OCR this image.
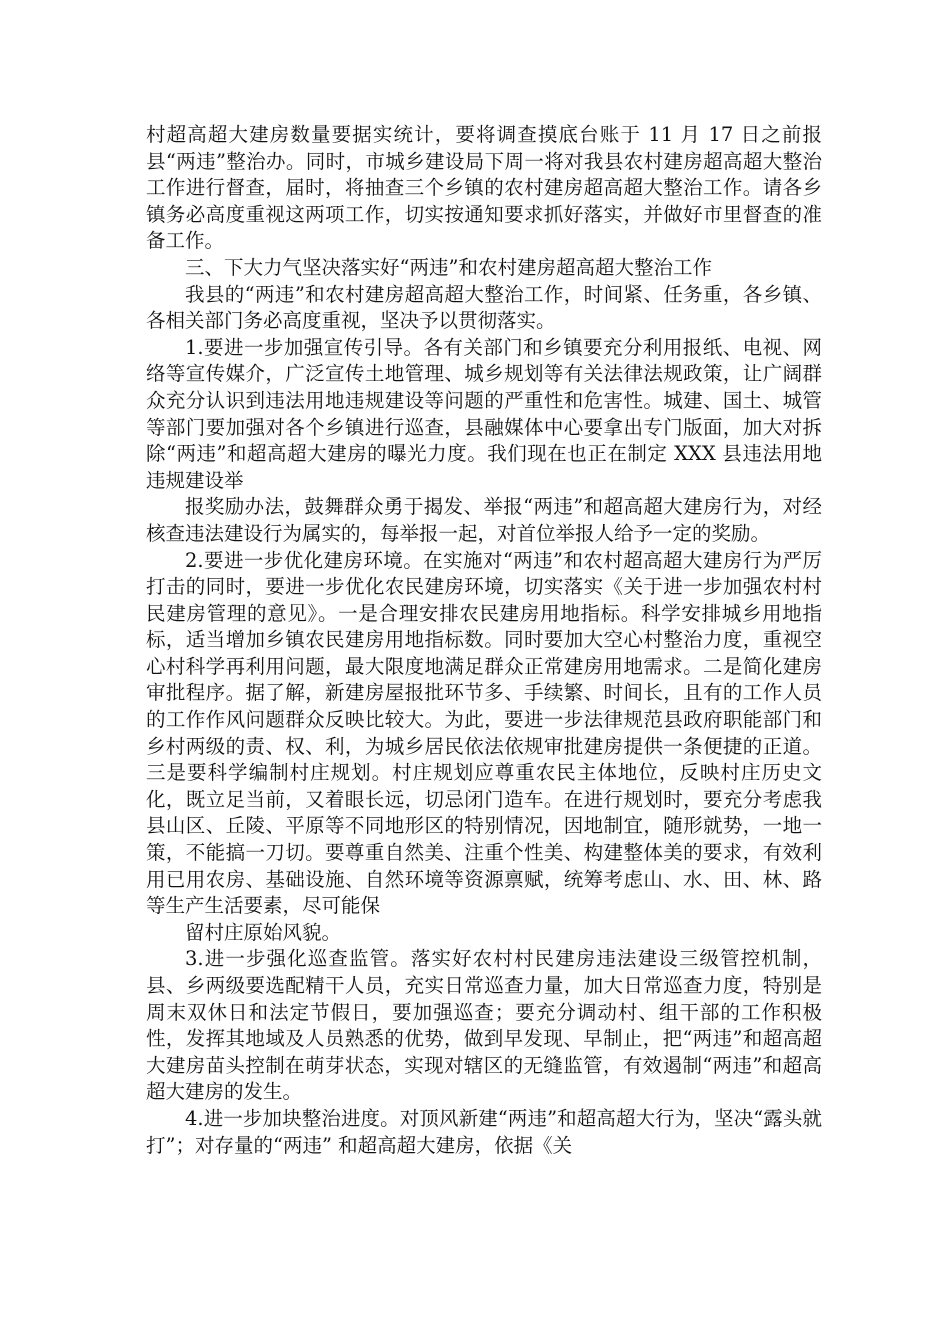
村超高超大建房数量要据实统计，要将调查摸底台账于 11 月 17 日之前报县“两违”整治办。同时，市城乡建设局下周一将对我县农村建房超高超大整治工作进行督查，届时，将抽查三个乡镇的农村建房超高超大整治工作。请各乡镇务必高度重视这两项工作，切实按通知要求抓好落实，并做好市里督查的准备工作。

三、下大力气坚决落实好“两违”和农村建房超高超大整治工作

我县的“两违”和农村建房超高超大整治工作，时间紧、任务重，各乡镇、各相关部门务必高度重视，坚决予以贯彻落实。

1.要进一步加强宣传引导。各有关部门和乡镇要充分利用报纸、电视、网络等宣传媒介，广泛宣传土地管理、城乡规划等有关法律法规政策，让广阔群众充分认识到违法用地违规建设等问题的严重性和危害性。城建、国土、城管等部门要加强对各个乡镇进行巡查，县融媒体中心要拿出专门版面，加大对拆除“两违”和超高超大建房的曝光力度。我们现在也正在制定 XXX 县违法用地违规建设举

报奖励办法，鼓舞群众勇于揭发、举报“两违”和超高超大建房行为，对经核查违法建设行为属实的，每举报一起，对首位举报人给予一定的奖励。

2.要进一步优化建房环境。在实施对“两违”和农村超高超大建房行为严厉打击的同时，要进一步优化农民建房环境，切实落实《关于进一步加强农村村民建房管理的意见》。一是合理安排农民建房用地指标。科学安排城乡用地指标，适当增加乡镇农民建房用地指标数。同时要加大空心村整治力度，重视空心村科学再利用问题，最大限度地满足群众正常建房用地需求。二是简化建房审批程序。据了解，新建房屋报批环节多、手续繁、时间长，且有的工作人员的工作作风问题群众反映比较大。为此，要进一步法律规范县政府职能部门和乡村两级的责、权、利，为城乡居民依法依规审批建房提供一条便捷的正道。三是要科学编制村庄规划。村庄规划应尊重农民主体地位，反映村庄历史文化，既立足当前，又着眼长远，切忌闭门造车。在进行规划时，要充分考虑我县山区、丘陵、平原等不同地形区的特别情况，因地制宜，随形就势，一地一策，不能搞一刀切。要尊重自然美、注重个性美、构建整体美的要求，有效利用已用农房、基础设施、自然环境等资源禀赋，统筹考虑山、水、田、林、路等生产生活要素，尽可能保

留村庄原始风貌。

3.进一步强化巡查监管。落实好农村村民建房违法建设三级管控机制，县、乡两级要选配精干人员，充实日常巡查力量，加大日常巡查力度，特别是周末双休日和法定节假日，要加强巡查；要充分调动村、组干部的工作积极性，发挥其地域及人员熟悉的优势，做到早发现、早制止，把“两违”和超高超大建房苗头控制在萌芽状态，实现对辖区的无缝监管，有效遏制“两违”和超高超大建房的发生。

4.进一步加块整治进度。对顶风新建“两违”和超高超大行为，坚决“露头就打”；对存量的“两违” 和超高超大建房，依据《关
